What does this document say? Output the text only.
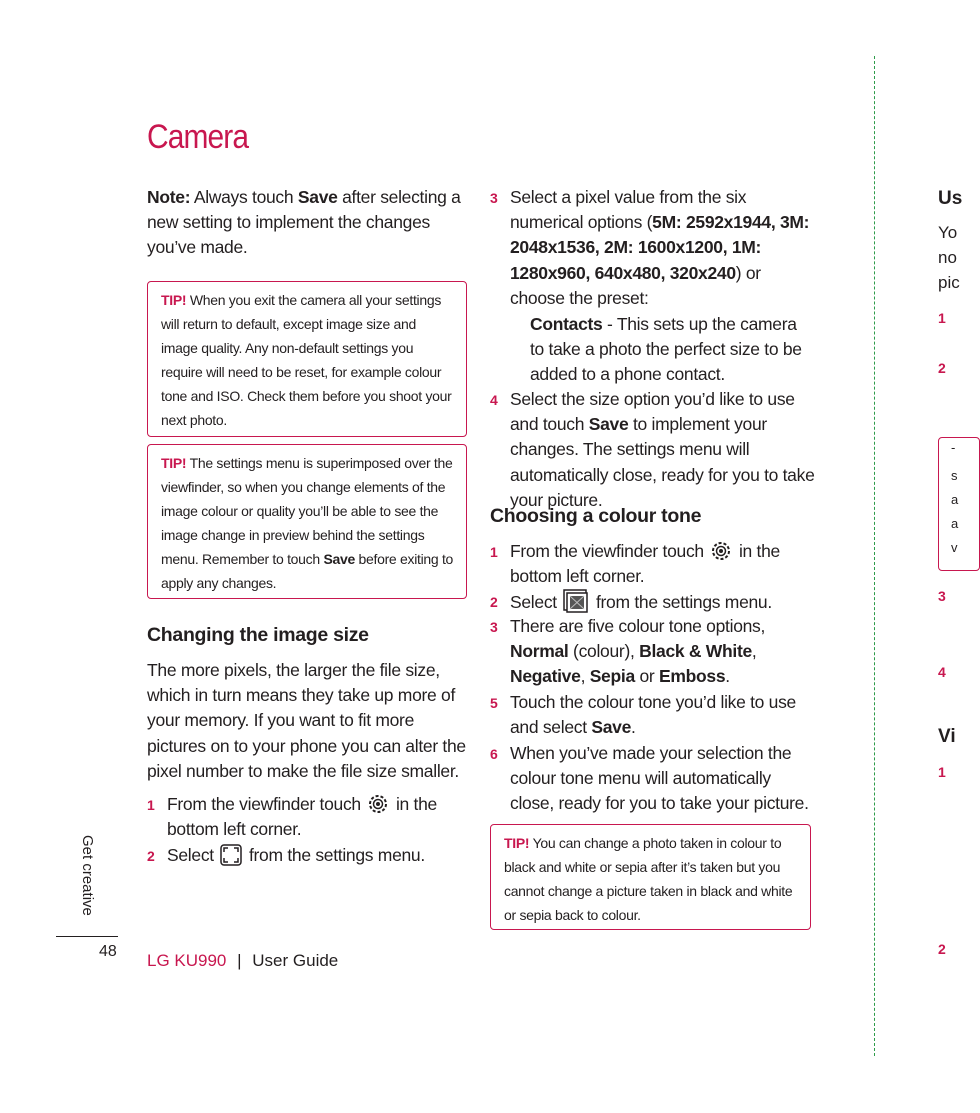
Camera
Note: Always touch Save after selecting a new setting to implement the changes you’ve made.
TIP! When you exit the camera all your settings will return to default, except image size and image quality. Any non-default settings you require will need to be reset, for example colour tone and ISO. Check them before you shoot your next photo.
TIP! The settings menu is superimposed over the viewfinder, so when you change elements of the image colour or quality you’ll be able to see the image change in preview behind the settings menu. Remember to touch Save before exiting to apply any changes.
Changing the image size
The more pixels, the larger the file size, which in turn means they take up more of your memory. If you want to fit more pictures on to your phone you can alter the pixel number to make the file size smaller.
1 From the viewfinder touch  in the bottom left corner.
2 Select  from the settings menu.
3 Select a pixel value from the six numerical options (5M: 2592x1944, 3M: 2048x1536, 2M: 1600x1200, 1M: 1280x960, 640x480, 320x240) or choose the preset:
Contacts - This sets up the camera to take a photo the perfect size to be added to a phone contact.
4 Select the size option you’d like to use and touch Save to implement your changes. The settings menu will automatically close, ready for you to take your picture.
Choosing a colour tone
1 From the viewfinder touch  in the bottom left corner.
2 Select  from the settings menu.
3 There are five colour tone options, Normal (colour), Black & White, Negative, Sepia or Emboss.
5 Touch the colour tone you’d like to use and select Save.
6 When you’ve made your selection the colour tone menu will automatically close, ready for you to take your picture.
TIP! You can change a photo taken in colour to black and white or sepia after it’s taken but you cannot change a picture taken in black and white or sepia back to colour.
Get creative
48 LG KU990 | User Guide
Us
Yo
no
pic
1
2
-
s
a
a
v
3
4
Vi
1
2
